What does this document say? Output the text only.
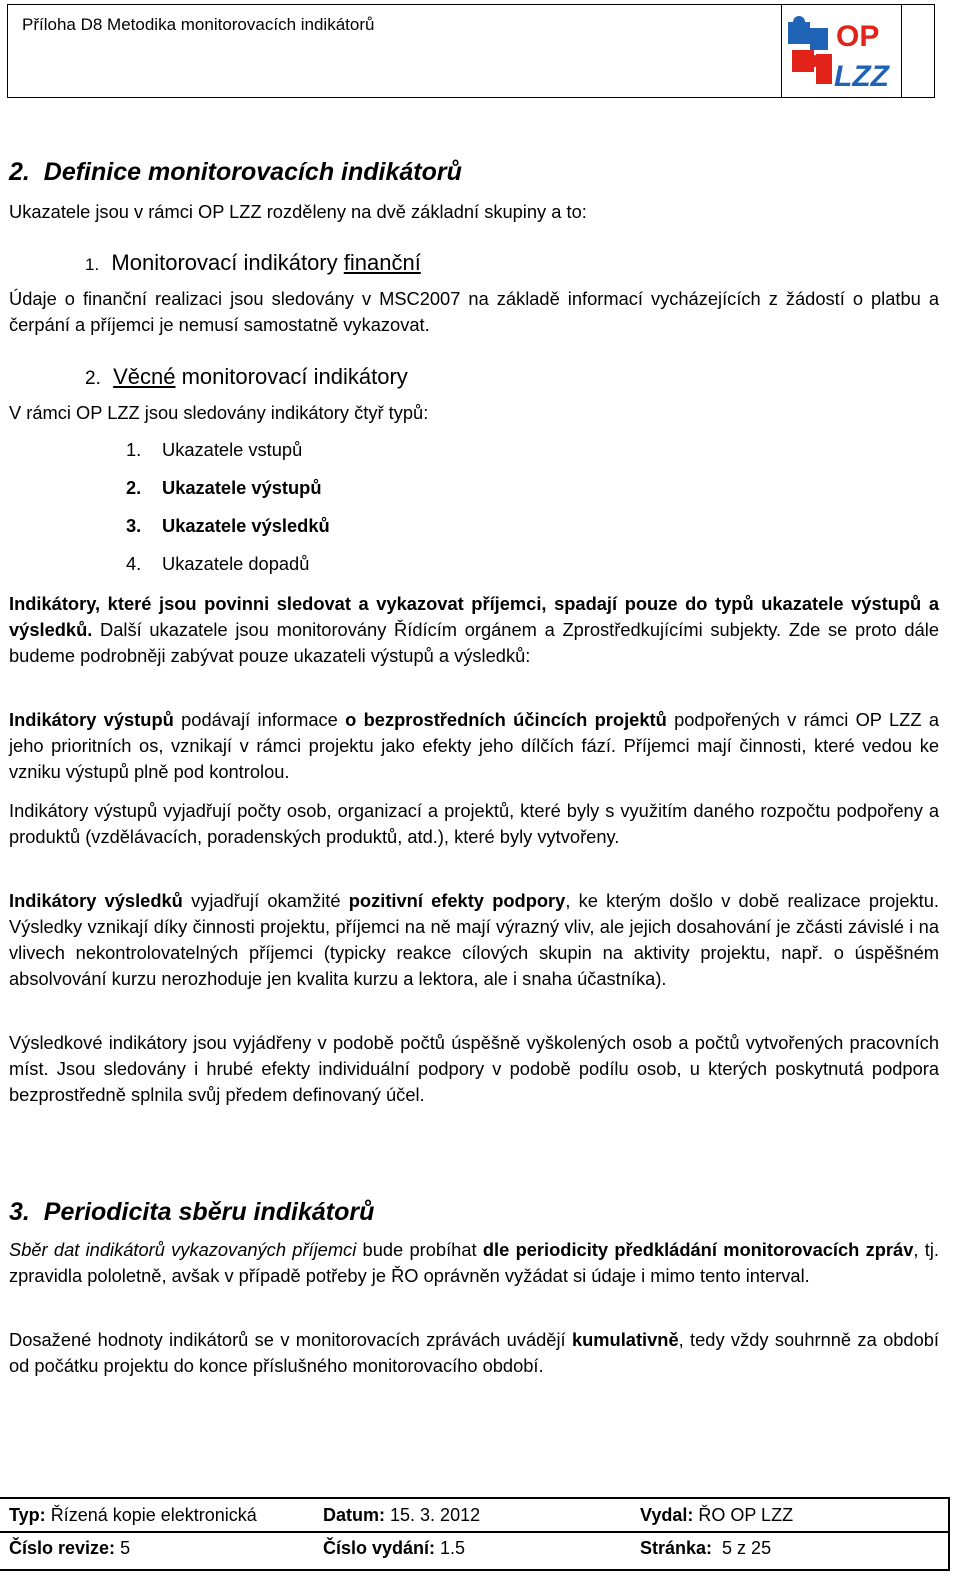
Příloha D8 Metodika monitorovacích indikátorů	OP
LZZ
2. Definice monitorovacích indikátorů

Ukazatele jsou v rámci OP LZZ rozděleny na dvě základní skupiny a to:

1. Monitorovací indikátory finanční

Údaje o finanční realizaci jsou sledovány v MSC2007 na základě informací vycházejících z žádostí o platbu a čerpání a příjemci je nemusí samostatně vykazovat.

2. Věcné monitorovací indikátory

V rámci OP LZZ jsou sledovány indikátory čtyř typů:

1. Ukazatele vstupů
2. Ukazatele výstupů
3. Ukazatele výsledků
4. Ukazatele dopadů

Indikátory, které jsou povinni sledovat a vykazovat příjemci, spadají pouze do typů ukazatele výstupů a výsledků. Další ukazatele jsou monitorovány Řídícím orgánem a Zprostředkujícími subjekty. Zde se proto dále budeme podrobněji zabývat pouze ukazateli výstupů a výsledků:

Indikátory výstupů podávají informace o bezprostředních účincích projektů podpořených v rámci OP LZZ a jeho prioritních os, vznikají v rámci projektu jako efekty jeho dílčích fází. Příjemci mají činnosti, které vedou ke vzniku výstupů plně pod kontrolou.

Indikátory výstupů vyjadřují počty osob, organizací a projektů, které byly s využitím daného rozpočtu podpořeny a produktů (vzdělávacích, poradenských produktů, atd.), které byly vytvořeny.

Indikátory výsledků vyjadřují okamžité pozitivní efekty podpory, ke kterým došlo v době realizace projektu. Výsledky vznikají díky činnosti projektu, příjemci na ně mají výrazný vliv, ale jejich dosahování je zčásti závislé i na vlivech nekontrolovatelných příjemci (typicky reakce cílových skupin na aktivity projektu, např. o úspěšném absolvování kurzu nerozhoduje jen kvalita kurzu a lektora, ale i snaha účastníka).

Výsledkové indikátory jsou vyjádřeny v podobě počtů úspěšně vyškolených osob a počtů vytvořených pracovních míst. Jsou sledovány i hrubé efekty individuální podpory v podobě podílu osob, u kterých poskytnutá podpora bezprostředně splnila svůj předem definovaný účel.

3. Periodicita sběru indikátorů

Sběr dat indikátorů vykazovaných příjemci bude probíhat dle periodicity předkládání monitorovacích zpráv, tj. zpravidla pololetně, avšak v případě potřeby je ŘO oprávněn vyžádat si údaje i mimo tento interval.

Dosažené hodnoty indikátorů se v monitorovacích zprávách uvádějí kumulativně, tedy vždy souhrnně za období od počátku projektu do konce příslušného monitorovacího období.

Typ: Řízená kopie elektronická	Datum: 15. 3. 2012	Vydal: ŘO OP LZZ
Číslo revize: 5	Číslo vydání: 1.5	Stránka: 5 z 25
